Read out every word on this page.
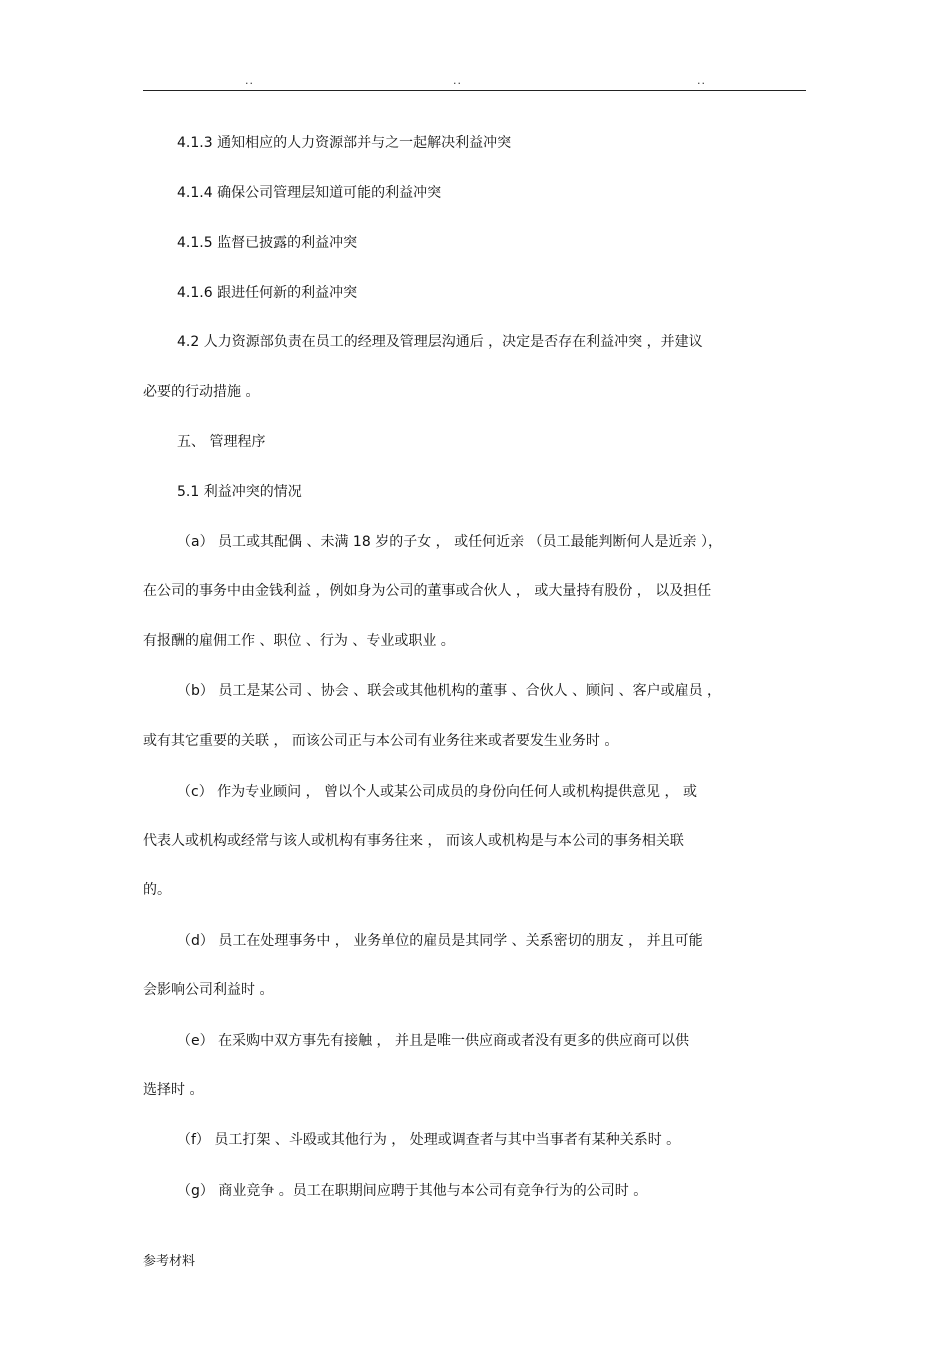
..	..	..
4.1.3 通知相应的人力资源部并与之一起解决利益冲突
4.1.4 确保公司管理层知道可能的利益冲突
4.1.5 监督已披露的利益冲突
4.1.6 跟进任何新的利益冲突
4.2 人力资源部负责在员工的经理及管理层沟通后 ，决定是否存在利益冲突 ，并建议
必要的行动措施 。
五、 管理程序
5.1 利益冲突的情况
（a） 员工或其配偶 、未满 18 岁的子女 ， 或任何近亲 （员工最能判断何人是近亲 ），
在公司的事务中由金钱利益 ，例如身为公司的董事或合伙人 ， 或大量持有股份 ， 以及担任
有报酬的雇佣工作 、职位 、行为 、专业或职业 。
（b） 员工是某公司 、协会 、联会或其他机构的董事 、合伙人 、顾问 、客户或雇员 ，
或有其它重要的关联 ， 而该公司正与本公司有业务往来或者要发生业务时 。
（c） 作为专业顾问 ， 曾以个人或某公司成员的身份向任何人或机构提供意见 ， 或
代表人或机构或经常与该人或机构有事务往来 ， 而该人或机构是与本公司的事务相关联
的。
（d） 员工在处理事务中 ， 业务单位的雇员是其同学 、关系密切的朋友 ， 并且可能
会影响公司利益时 。
（e） 在采购中双方事先有接触 ， 并且是唯一供应商或者没有更多的供应商可以供
选择时 。
（f） 员工打架 、斗殴或其他行为 ， 处理或调查者与其中当事者有某种关系时 。
（g） 商业竞争 。员工在职期间应聘于其他与本公司有竞争行为的公司时 。
参考材料
